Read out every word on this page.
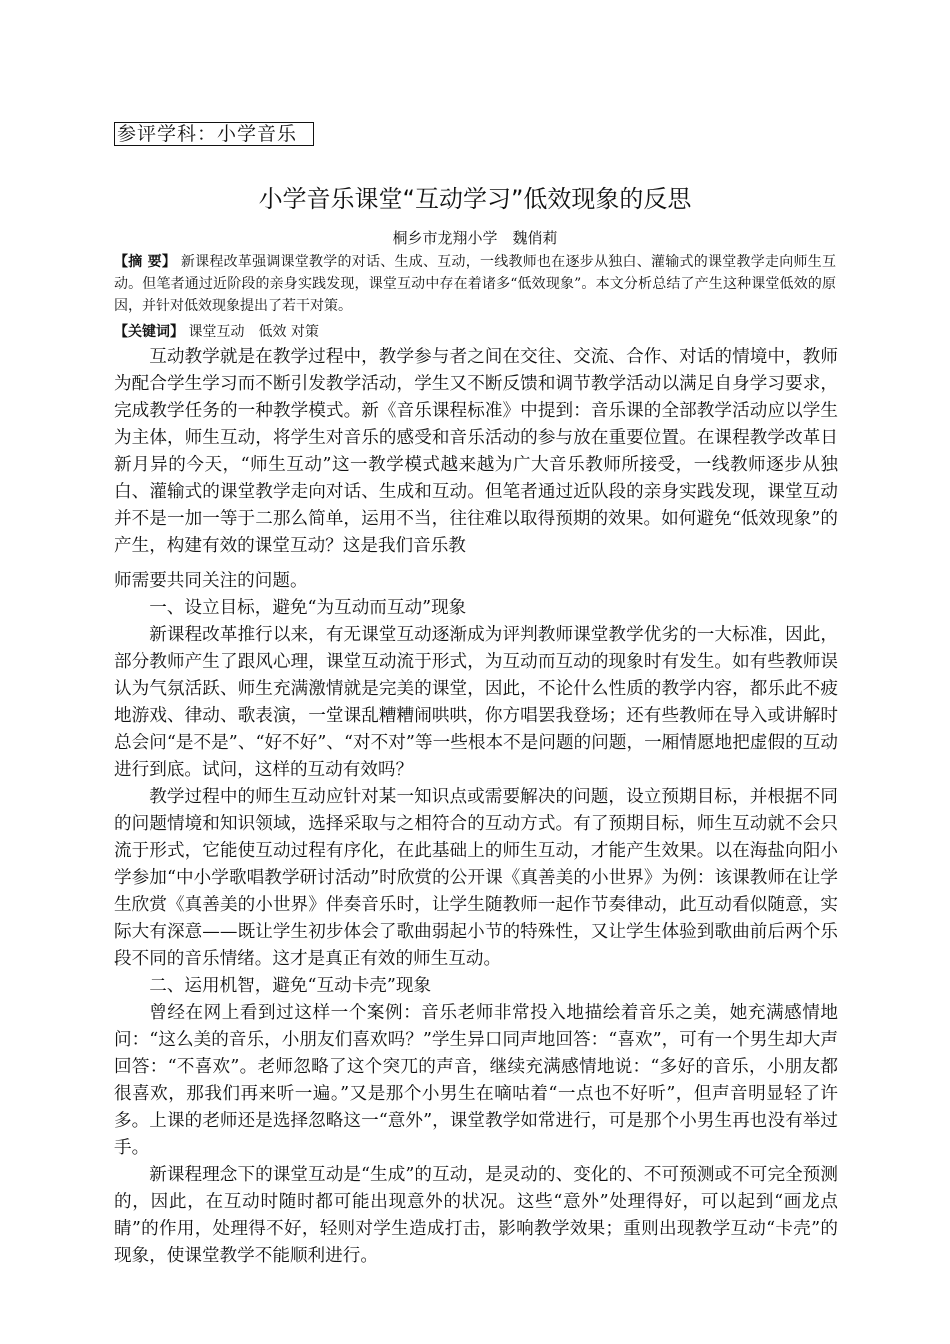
参评学科：小学音乐
小学音乐课堂“互动学习”低效现象的反思
桐乡市龙翔小学　魏俏莉
【摘 要】 新课程改革强调课堂教学的对话、生成、互动，一线教师也在逐步从独白、灌输式的课堂教学走向师生互动。但笔者通过近阶段的亲身实践发现，课堂互动中存在着诸多“低效现象”。本文分析总结了产生这种课堂低效的原因，并针对低效现象提出了若干对策。
【关键词】 课堂互动　低效 对策

互动教学就是在教学过程中，教学参与者之间在交往、交流、合作、对话的情境中，教师为配合学生学习而不断引发教学活动，学生又不断反馈和调节教学活动以满足自身学习要求，完成教学任务的一种教学模式。新《音乐课程标准》中提到：音乐课的全部教学活动应以学生为主体，师生互动，将学生对音乐的感受和音乐活动的参与放在重要位置。在课程教学改革日新月异的今天，“师生互动”这一教学模式越来越为广大音乐教师所接受，一线教师逐步从独白、灌输式的课堂教学走向对话、生成和互动。但笔者通过近队段的亲身实践发现，课堂互动并不是一加一等于二那么简单，运用不当，往往难以取得预期的效果。如何避免“低效现象”的产生，构建有效的课堂互动？这是我们音乐教

师需要共同关注的问题。

一、设立目标，避免“为互动而互动”现象

新课程改革推行以来，有无课堂互动逐渐成为评判教师课堂教学优劣的一大标准，因此，部分教师产生了跟风心理，课堂互动流于形式，为互动而互动的现象时有发生。如有些教师误认为气氛活跃、师生充满激情就是完美的课堂，因此，不论什么性质的教学内容，都乐此不疲地游戏、律动、歌表演，一堂课乱糟糟闹哄哄，你方唱罢我登场；还有些教师在导入或讲解时总会问“是不是”、“好不好”、“对不对”等一些根本不是问题的问题，一厢情愿地把虚假的互动进行到底。试问，这样的互动有效吗？

教学过程中的师生互动应针对某一知识点或需要解决的问题，设立预期目标，并根据不同的问题情境和知识领域，选择采取与之相符合的互动方式。有了预期目标，师生互动就不会只流于形式，它能使互动过程有序化，在此基础上的师生互动，才能产生效果。以在海盐向阳小学参加“中小学歌唱教学研讨活动”时欣赏的公开课《真善美的小世界》为例：该课教师在让学生欣赏《真善美的小世界》伴奏音乐时，让学生随教师一起作节奏律动，此互动看似随意，实际大有深意——既让学生初步体会了歌曲弱起小节的特殊性，又让学生体验到歌曲前后两个乐段不同的音乐情绪。这才是真正有效的师生互动。

二、运用机智，避免“互动卡壳”现象

曾经在网上看到过这样一个案例：音乐老师非常投入地描绘着音乐之美，她充满感情地问：“这么美的音乐，小朋友们喜欢吗？”学生异口同声地回答：“喜欢”，可有一个男生却大声回答：“不喜欢”。老师忽略了这个突兀的声音，继续充满感情地说：“多好的音乐，小朋友都很喜欢，那我们再来听一遍。”又是那个小男生在嘀咕着“一点也不好听”，但声音明显轻了许多。上课的老师还是选择忽略这一“意外”，课堂教学如常进行，可是那个小男生再也没有举过手。

新课程理念下的课堂互动是“生成”的互动，是灵动的、变化的、不可预测或不可完全预测的，因此，在互动时随时都可能出现意外的状况。这些“意外”处理得好，可以起到“画龙点睛”的作用，处理得不好，轻则对学生造成打击，影响教学效果；重则出现教学互动“卡壳”的现象，使课堂教学不能顺利进行。
